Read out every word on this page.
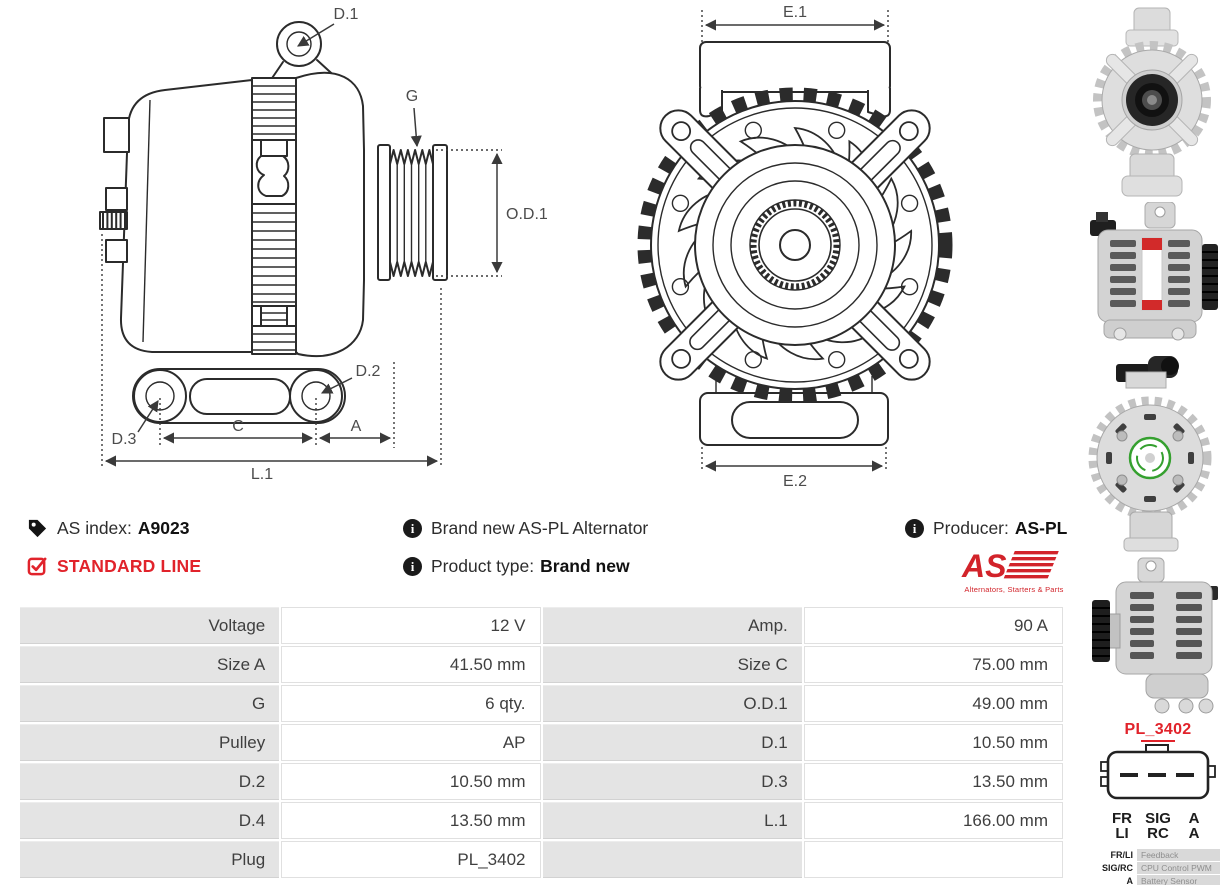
D.1
G
O.D.1
D.2
D.3
C	A
L.1
E.1
E.2
AS index: A9023 i	Brand new AS-PL Alternator i	Producer: AS-PL
STANDARD LINE i	Product type: Brand new	AS
Alternators, Starters & Parts
Voltage	12 V	Amp.	90 A
Size A	41.50 mm	Size C	75.00 mm
G	6 qty.	O.D.1	49.00 mm
Pulley	AP	D.1	10.50 mm
D.2	10.50 mm	D.3	13.50 mm
D.4	13.50 mm	L.1	166.00 mm
Plug	PL_3402		
PL_3402
FR SIG	A
LI	RC	A
FR/LI Feedback
SIG/RC CPU Control PWM
A Battery Sensor
